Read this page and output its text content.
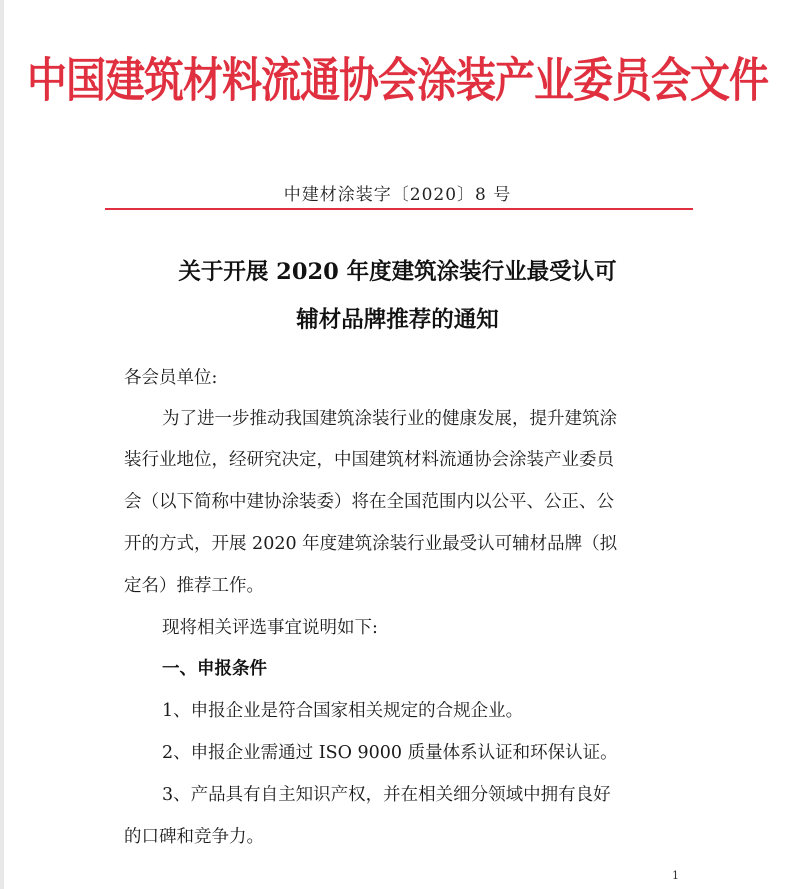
中国建筑材料流通协会涂装产业委员会文件
中建材涂装字〔2020〕8 号
关于开展 2020 年度建筑涂装行业最受认可
辅材品牌推荐的通知
各会员单位:
为了进一步推动我国建筑涂装行业的健康发展，提升建筑涂
装行业地位，经研究决定，中国建筑材料流通协会涂装产业委员
会（以下简称中建协涂装委）将在全国范围内以公平、公正、公
开的方式，开展 2020 年度建筑涂装行业最受认可辅材品牌（拟
定名）推荐工作。
现将相关评选事宜说明如下:
一、申报条件
1、申报企业是符合国家相关规定的合规企业。
2、申报企业需通过 ISO 9000 质量体系认证和环保认证。
3、产品具有自主知识产权，并在相关细分领域中拥有良好
的口碑和竞争力。
1
